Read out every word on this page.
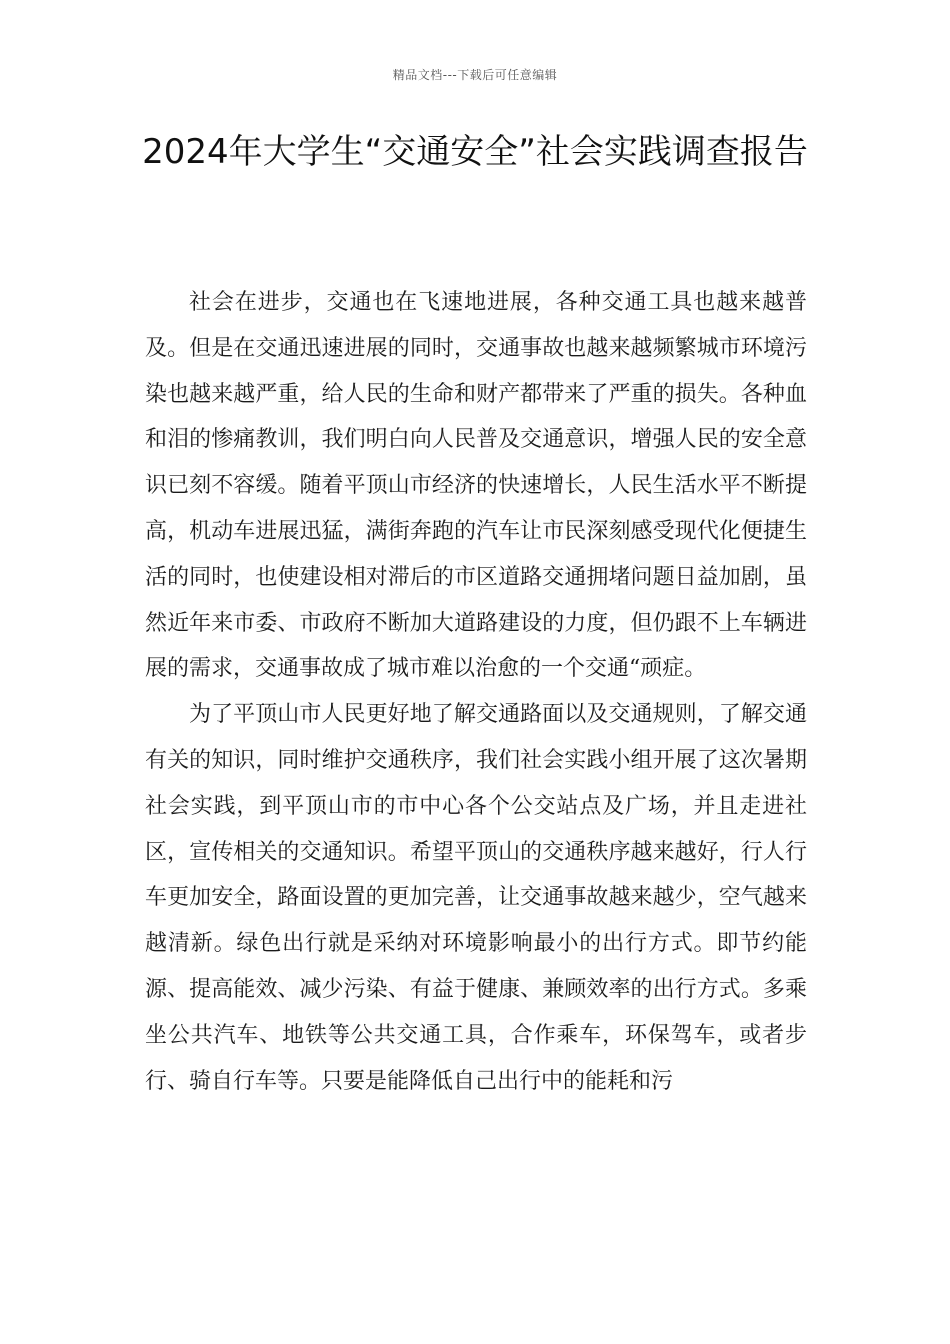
精品文档---下载后可任意编辑
2024年大学生“交通安全”社会实践调查报告

社会在进步，交通也在飞速地进展，各种交通工具也越来越普及。但是在交通迅速进展的同时，交通事故也越来越频繁城市环境污染也越来越严重，给人民的生命和财产都带来了严重的损失。各种血和泪的惨痛教训，我们明白向人民普及交通意识，增强人民的安全意识已刻不容缓。随着平顶山市经济的快速增长，人民生活水平不断提高，机动车进展迅猛，满街奔跑的汽车让市民深刻感受现代化便捷生活的同时，也使建设相对滞后的市区道路交通拥堵问题日益加剧，虽然近年来市委、市政府不断加大道路建设的力度，但仍跟不上车辆进展的需求，交通事故成了城市难以治愈的一个交通“顽症。

为了平顶山市人民更好地了解交通路面以及交通规则，了解交通有关的知识，同时维护交通秩序，我们社会实践小组开展了这次暑期社会实践，到平顶山市的市中心各个公交站点及广场，并且走进社区，宣传相关的交通知识。希望平顶山的交通秩序越来越好，行人行车更加安全，路面设置的更加完善，让交通事故越来越少，空气越来越清新。绿色出行就是采纳对环境影响最小的出行方式。即节约能源、提高能效、减少污染、有益于健康、兼顾效率的出行方式。多乘坐公共汽车、地铁等公共交通工具，合作乘车，环保驾车，或者步行、骑自行车等。只要是能降低自己出行中的能耗和污
